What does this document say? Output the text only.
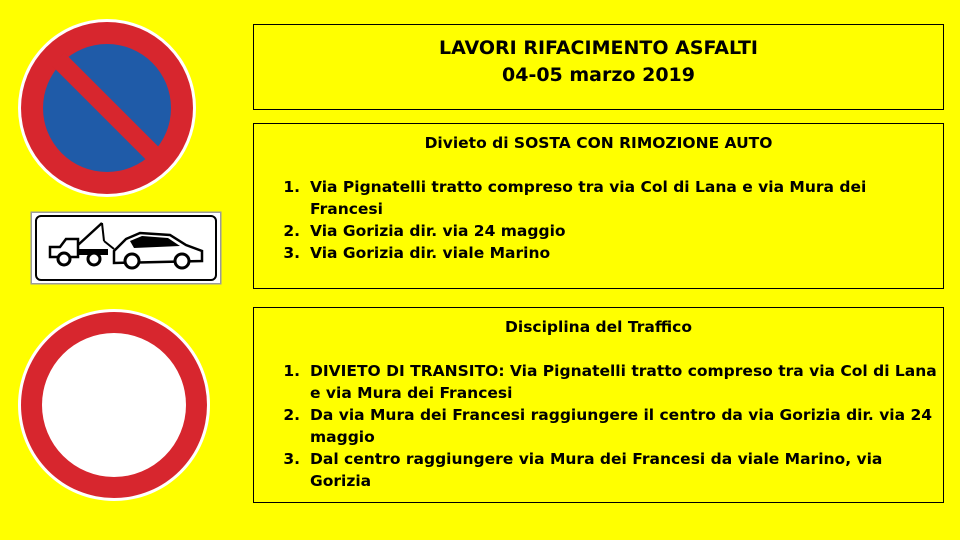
LAVORI RIFACIMENTO ASFALTI
04-05 marzo 2019
Divieto di SOSTA CON RIMOZIONE AUTO
1. Via Pignatelli tratto compreso tra via Col di Lana e via Mura dei Francesi
2. Via Gorizia dir. via 24 maggio
3. Via Gorizia dir. viale Marino
Disciplina del Traffico
1. DIVIETO DI TRANSITO: Via Pignatelli tratto compreso tra via Col di Lana e via Mura dei Francesi
2. Da via Mura dei Francesi raggiungere il centro da via Gorizia dir. via 24 maggio
3. Dal centro raggiungere via Mura dei Francesi da viale Marino, via Gorizia
